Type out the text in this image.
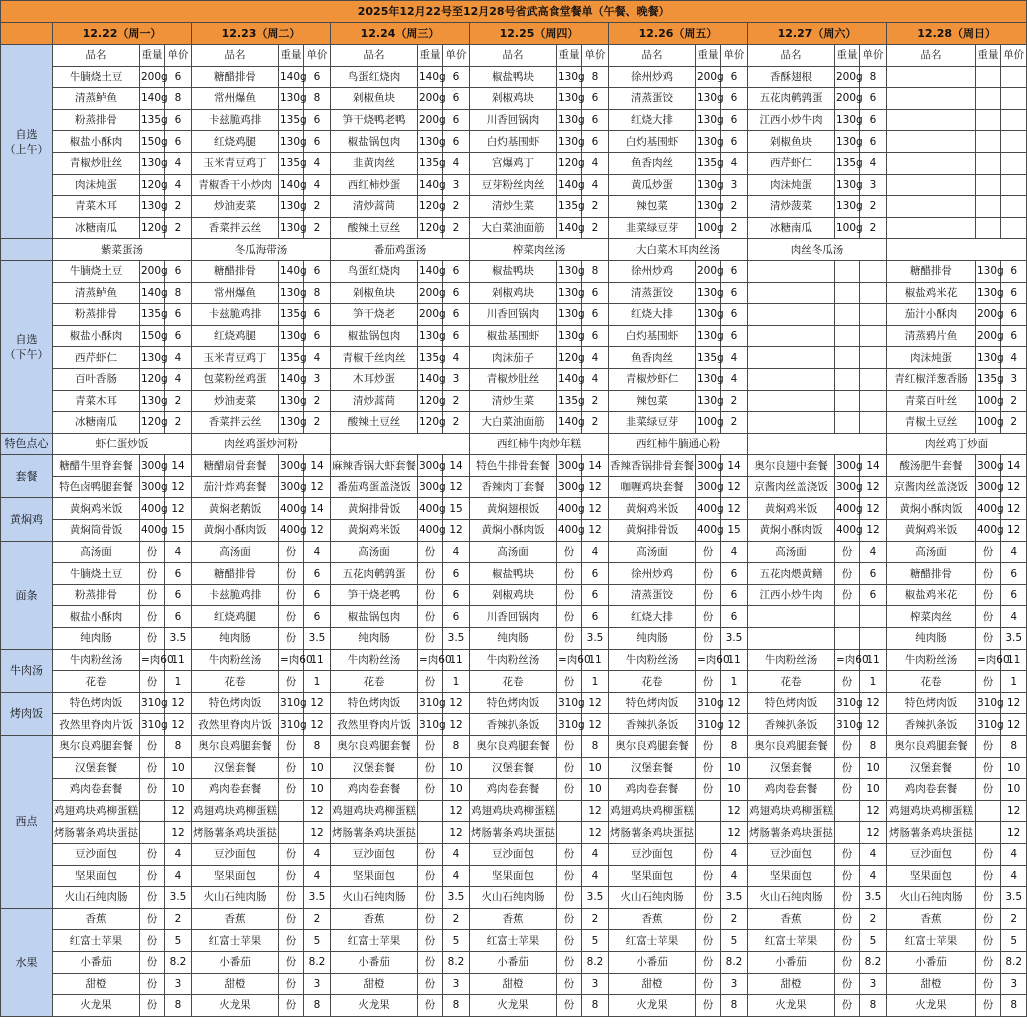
2025年12月22号至12月28号省武高食堂餐单（午餐、晚餐）																					
	12.22（周一）			12.23（周二）			12.24（周三）			12.25（周四）			12.26（周五）			12.27（周六）			12.28（周日）		
自选
（上午）	品名	重量	单价	品名	重量	单价	品名	重量	单价	品名	重量	单价	品名	重量	单价	品名	重量	单价	品名	重量	单价
	牛腩烧土豆	200g	6	糖醋排骨	140g	6	鸟蛋红烧肉	140g	6	椒盐鸭块	130g	8	徐州炒鸡	200g	6	香酥翅根	200g	8			
	清蒸鲈鱼	140g	8	常州爆鱼	130g	8	剁椒鱼块	200g	6	剁椒鸡块	130g	6	清蒸蛋饺	130g	6	五花肉鹌鹑蛋	200g	6			
	粉蒸排骨	135g	6	卡兹脆鸡排	135g	6	笋干烧鸭老鸭	200g	6	川香回锅肉	130g	6	红烧大排	130g	6	江西小炒牛肉	130g	6			
	椒盐小酥肉	150g	6	红烧鸡腿	130g	6	椒盐锅包肉	130g	6	白灼基围虾	130g	6	白灼基围虾	130g	6	剁椒鱼块	130g	6			
	青椒炒肚丝	130g	4	玉米青豆鸡丁	135g	4	韭黄肉丝	135g	4	宫爆鸡丁	120g	4	鱼香肉丝	135g	4	西芹虾仁	135g	4			
	肉沫炖蛋	120g	4	青椒香干小炒肉	140g	4	西红柿炒蛋	140g	3	豆芽粉丝肉丝	140g	4	黄瓜炒蛋	130g	3	肉沫炖蛋	130g	3			
	青菜木耳	130g	2	炒油麦菜	130g	2	清炒蒿苘	120g	2	清炒生菜	135g	2	辣包菜	130g	2	清炒菠菜	130g	2			
	冰糖南瓜	120g	2	香菜拌云丝	130g	2	酸辣土豆丝	120g	2	大白菜油面筋	140g	2	韭菜绿豆芽	100g	2	冰糖南瓜	100g	2			
	紫菜蛋汤			冬瓜海带汤			番茄鸡蛋汤			榨菜肉丝汤			大白菜木耳肉丝汤			肉丝冬瓜汤					
自选
（下午）	牛腩烧土豆	200g	6	糖醋排骨	140g	6	鸟蛋红烧肉	140g	6	椒盐鸭块	130g	8	徐州炒鸡	200g	6				糖醋排骨	130g	6
	清蒸鲈鱼	140g	8	常州爆鱼	130g	8	剁椒鱼块	200g	6	剁椒鸡块	130g	6	清蒸蛋饺	130g	6				椒盐鸡米花	130g	6
	粉蒸排骨	135g	6	卡兹脆鸡排	135g	6	笋干烧老	200g	6	川香回锅肉	130g	6	红烧大排	130g	6				茄汁小酥肉	200g	6
	椒盐小酥肉	150g	6	红烧鸡腿	130g	6	椒盐锅包肉	130g	6	椒盐基围虾	130g	6	白灼基围虾	130g	6				清蒸鸦片鱼	200g	6
	西芹虾仁	130g	4	玉米青豆鸡丁	135g	4	青椒千丝肉丝	135g	4	肉沫茄子	120g	4	鱼香肉丝	135g	4				肉沫炖蛋	130g	4
	百叶香肠	120g	4	包菜粉丝鸡蛋	140g	3	木耳炒蛋	140g	3	青椒炒肚丝	140g	4	青椒炒虾仁	130g	4				青红椒洋葱香肠	135g	3
	青菜木耳	130g	2	炒油麦菜	130g	2	清炒蒿苘	120g	2	清炒生菜	135g	2	辣包菜	130g	2				青菜百叶丝	100g	2
	冰糖南瓜	120g	2	香菜拌云丝	130g	2	酸辣土豆丝	120g	2	大白菜油面筋	140g	2	韭菜绿豆芽	100g	2				青椒土豆丝	100g	2
特色点心	虾仁蛋炒饭			肉丝鸡蛋炒河粉						西红柿牛肉炒年糕			西红柿牛腩通心粉						肉丝鸡丁炒面		
套餐	糖醋牛里脊套餐	300g	14	糖醋扇骨套餐	300g	14	麻辣香锅大虾套餐	300g	14	特色牛排骨套餐	300g	14	香辣香锅排骨套餐	300g	14	奥尔良翅中套餐	300g	14	酸汤肥牛套餐	300g	14
	特色卤鸭腿套餐	300g	12	茄汁炸鸡套餐	300g	12	番茄鸡蛋盖浇饭	300g	12	香辣肉丁套餐	300g	12	咖喱鸡块套餐	300g	12	京酱肉丝盖浇饭	300g	12	京酱肉丝盖浇饭	300g	12
黄焖鸡	黄焖鸡米饭	400g	12	黄焖老鹅饭	400g	14	黄焖排骨饭	400g	15	黄焖翅根饭	400g	12	黄焖鸡米饭	400g	12	黄焖鸡米饭	400g	12	黄焖小酥肉饭	400g	12
	黄焖筒骨饭	400g	15	黄焖小酥肉饭	400g	12	黄焖鸡米饭	400g	12	黄焖小酥肉饭	400g	12	黄焖排骨饭	400g	15	黄焖小酥肉饭	400g	12	黄焖鸡米饭	400g	12
面条	高汤面	份	4	高汤面	份	4	高汤面	份	4	高汤面	份	4	高汤面	份	4	高汤面	份	4	高汤面	份	4
	牛腩烧土豆	份	6	糖醋排骨	份	6	五花肉鹌鹑蛋	份	6	椒盐鸭块	份	6	徐州炒鸡	份	6	五花肉煨黄鳝	份	6	糖醋排骨	份	6
	粉蒸排骨	份	6	卡兹脆鸡排	份	6	笋干烧老鸭	份	6	剁椒鸡块	份	6	清蒸蛋饺	份	6	江西小炒牛肉	份	6	椒盐鸡米花	份	6
	椒盐小酥肉	份	6	红烧鸡腿	份	6	椒盐锅包肉	份	6	川香回锅肉	份	6	红烧大排	份	6				榨菜肉丝	份	4
	纯肉肠	份	3.5	纯肉肠	份	3.5	纯肉肠	份	3.5	纯肉肠	份	3.5	纯肉肠	份	3.5				纯肉肠	份	3.5
牛肉汤	牛肉粉丝汤	=肉60	11	牛肉粉丝汤	=肉60	11	牛肉粉丝汤	=肉60	11	牛肉粉丝汤	=肉60	11	牛肉粉丝汤	=肉60	11	牛肉粉丝汤	=肉60	11	牛肉粉丝汤	=肉60	11
	花卷	份	1	花卷	份	1	花卷	份	1	花卷	份	1	花卷	份	1	花卷	份	1	花卷	份	1
烤肉饭	特色烤肉饭	310g	12	特色烤肉饭	310g	12	特色烤肉饭	310g	12	特色烤肉饭	310g	12	特色烤肉饭	310g	12	特色烤肉饭	310g	12	特色烤肉饭	310g	12
	孜然里脊肉片饭	310g	12	孜然里脊肉片饭	310g	12	孜然里脊肉片饭	310g	12	香辣扒条饭	310g	12	香辣扒条饭	310g	12	香辣扒条饭	310g	12	香辣扒条饭	310g	12
西点	奥尔良鸡腿套餐	份	8	奥尔良鸡腿套餐	份	8	奥尔良鸡腿套餐	份	8	奥尔良鸡腿套餐	份	8	奥尔良鸡腿套餐	份	8	奥尔良鸡腿套餐	份	8	奥尔良鸡腿套餐	份	8
	汉堡套餐	份	10	汉堡套餐	份	10	汉堡套餐	份	10	汉堡套餐	份	10	汉堡套餐	份	10	汉堡套餐	份	10	汉堡套餐	份	10
	鸡肉卷套餐	份	10	鸡肉卷套餐	份	10	鸡肉卷套餐	份	10	鸡肉卷套餐	份	10	鸡肉卷套餐	份	10	鸡肉卷套餐	份	10	鸡肉卷套餐	份	10
	鸡翅鸡块鸡柳蛋糕		12	鸡翅鸡块鸡柳蛋糕		12	鸡翅鸡块鸡柳蛋糕		12	鸡翅鸡块鸡柳蛋糕		12	鸡翅鸡块鸡柳蛋糕		12	鸡翅鸡块鸡柳蛋糕		12	鸡翅鸡块鸡柳蛋糕		12
	烤肠薯条鸡块蛋挞		12	烤肠薯条鸡块蛋挞		12	烤肠薯条鸡块蛋挞		12	烤肠薯条鸡块蛋挞		12	烤肠薯条鸡块蛋挞		12	烤肠薯条鸡块蛋挞		12	烤肠薯条鸡块蛋挞		12
	豆沙面包	份	4	豆沙面包	份	4	豆沙面包	份	4	豆沙面包	份	4	豆沙面包	份	4	豆沙面包	份	4	豆沙面包	份	4
	坚果面包	份	4	坚果面包	份	4	坚果面包	份	4	坚果面包	份	4	坚果面包	份	4	坚果面包	份	4	坚果面包	份	4
	火山石纯肉肠	份	3.5	火山石纯肉肠	份	3.5	火山石纯肉肠	份	3.5	火山石纯肉肠	份	3.5	火山石纯肉肠	份	3.5	火山石纯肉肠	份	3.5	火山石纯肉肠	份	3.5
水果	香蕉	份	2	香蕉	份	2	香蕉	份	2	香蕉	份	2	香蕉	份	2	香蕉	份	2	香蕉	份	2
	红富士苹果	份	5	红富士苹果	份	5	红富士苹果	份	5	红富士苹果	份	5	红富士苹果	份	5	红富士苹果	份	5	红富士苹果	份	5
	小番茄	份	8.2	小番茄	份	8.2	小番茄	份	8.2	小番茄	份	8.2	小番茄	份	8.2	小番茄	份	8.2	小番茄	份	8.2
	甜橙	份	3	甜橙	份	3	甜橙	份	3	甜橙	份	3	甜橙	份	3	甜橙	份	3	甜橙	份	3
	火龙果	份	8	火龙果	份	8	火龙果	份	8	火龙果	份	8	火龙果	份	8	火龙果	份	8	火龙果	份	8
